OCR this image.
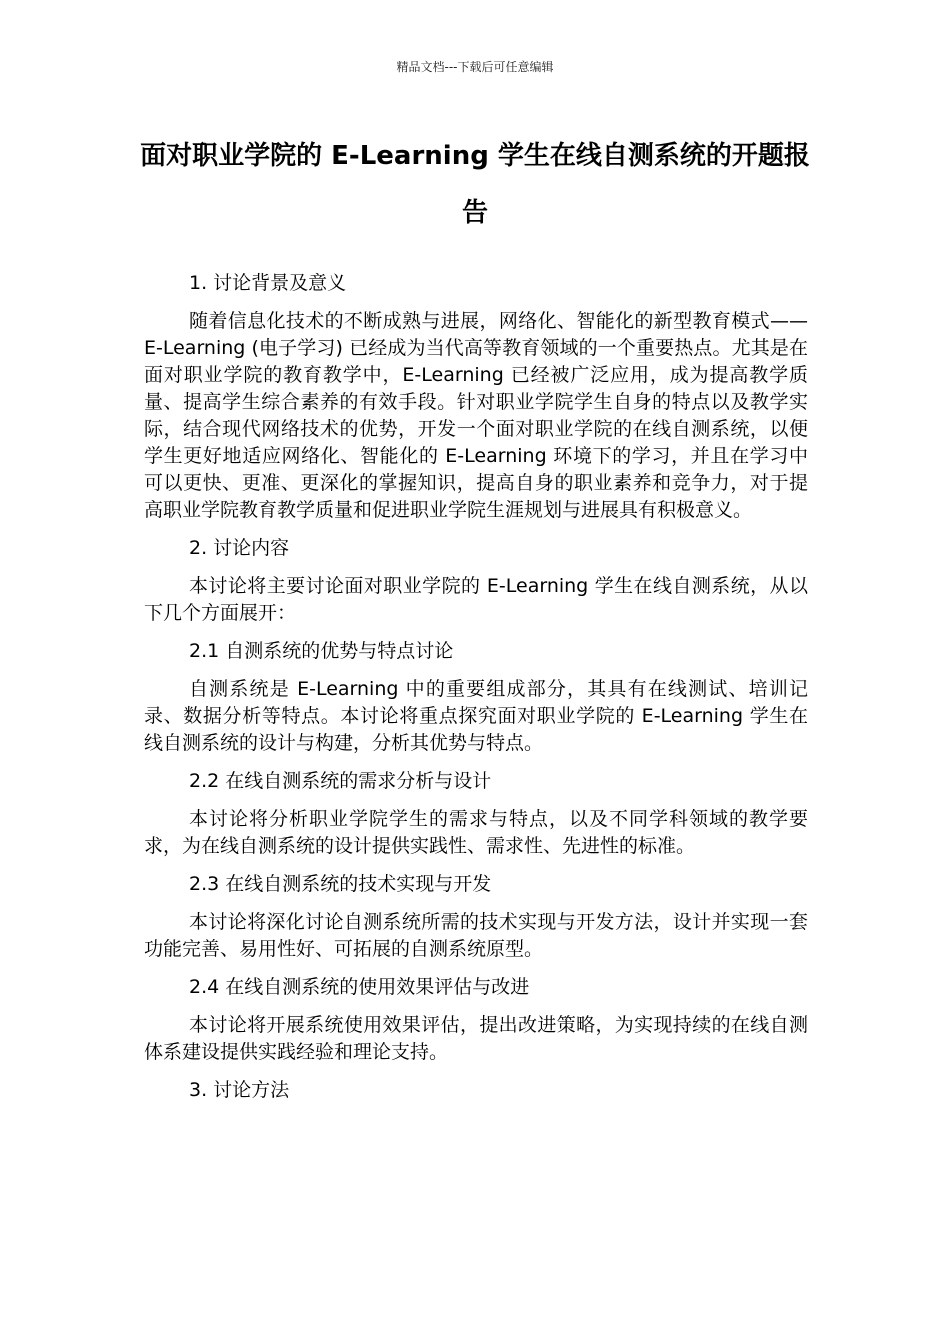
精品文档---下载后可任意编辑
面对职业学院的 E-Learning 学生在线自测系统的开题报告

1. 讨论背景及意义

随着信息化技术的不断成熟与进展，网络化、智能化的新型教育模式——E-Learning (电子学习) 已经成为当代高等教育领域的一个重要热点。尤其是在面对职业学院的教育教学中，E-Learning 已经被广泛应用，成为提高教学质量、提高学生综合素养的有效手段。针对职业学院学生自身的特点以及教学实际，结合现代网络技术的优势，开发一个面对职业学院的在线自测系统，以便学生更好地适应网络化、智能化的 E-Learning 环境下的学习，并且在学习中可以更快、更准、更深化的掌握知识，提高自身的职业素养和竞争力，对于提高职业学院教育教学质量和促进职业学院生涯规划与进展具有积极意义。

2. 讨论内容

本讨论将主要讨论面对职业学院的 E-Learning 学生在线自测系统，从以下几个方面展开：

2.1 自测系统的优势与特点讨论

自测系统是 E-Learning 中的重要组成部分，其具有在线测试、培训记录、数据分析等特点。本讨论将重点探究面对职业学院的 E-Learning 学生在线自测系统的设计与构建，分析其优势与特点。

2.2 在线自测系统的需求分析与设计

本讨论将分析职业学院学生的需求与特点，以及不同学科领域的教学要求，为在线自测系统的设计提供实践性、需求性、先进性的标准。

2.3 在线自测系统的技术实现与开发

本讨论将深化讨论自测系统所需的技术实现与开发方法，设计并实现一套功能完善、易用性好、可拓展的自测系统原型。

2.4 在线自测系统的使用效果评估与改进

本讨论将开展系统使用效果评估，提出改进策略，为实现持续的在线自测体系建设提供实践经验和理论支持。

3. 讨论方法
